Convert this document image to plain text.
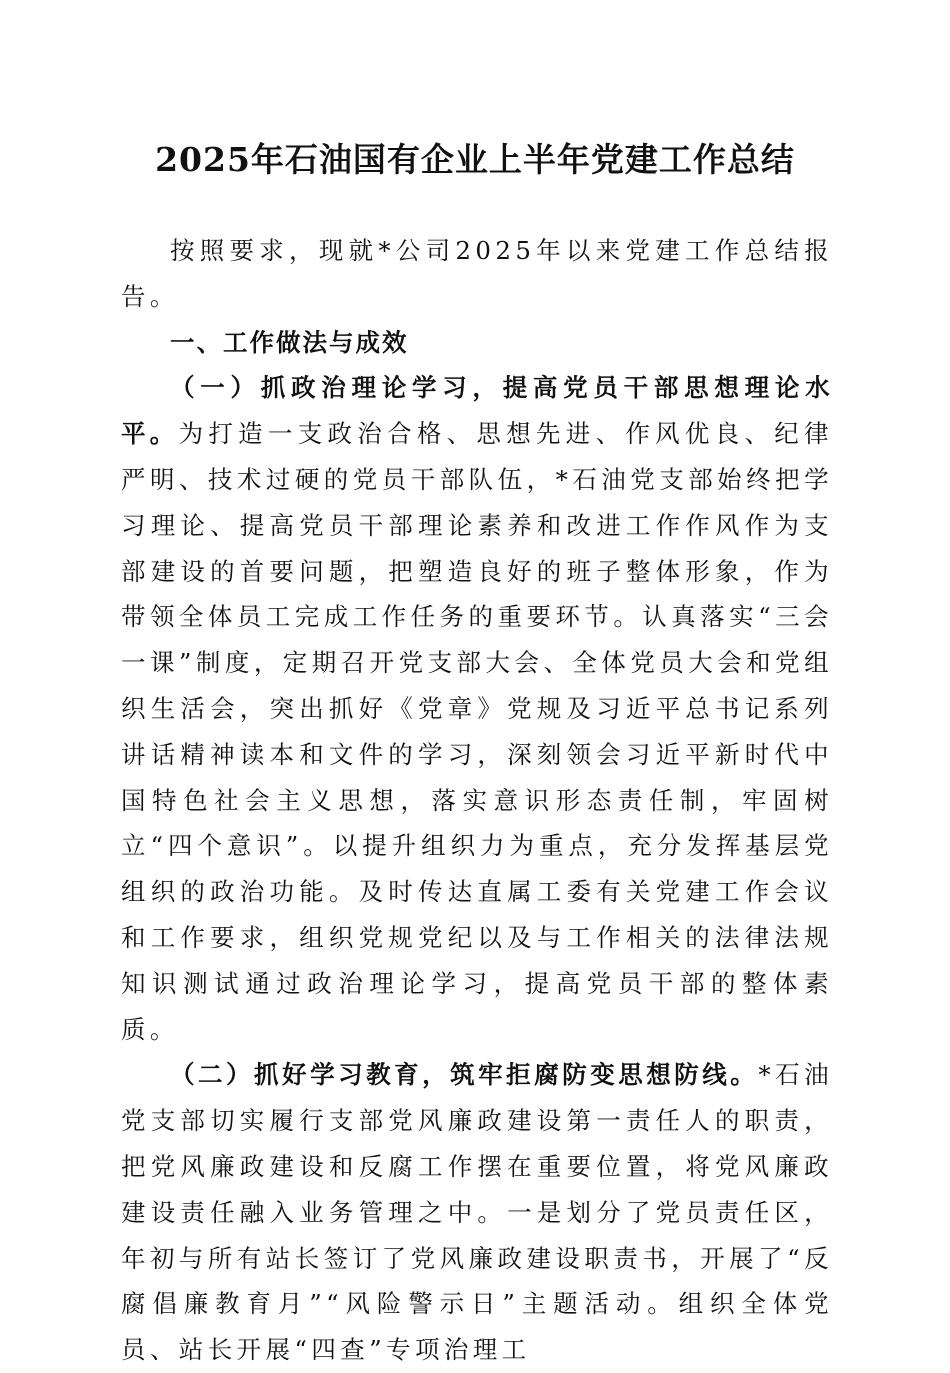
2025年石油国有企业上半年党建工作总结

按照要求，现就*公司2025年以来党建工作总结报告。

一、工作做法与成效

（一）抓政治理论学习，提高党员干部思想理论水平。为打造一支政治合格、思想先进、作风优良、纪律严明、技术过硬的党员干部队伍，*石油党支部始终把学习理论、提高党员干部理论素养和改进工作作风作为支部建设的首要问题，把塑造良好的班子整体形象，作为带领全体员工完成工作任务的重要环节。认真落实“三会一课”制度，定期召开党支部大会、全体党员大会和党组织生活会，突出抓好《党章》党规及习近平总书记系列讲话精神读本和文件的学习，深刻领会习近平新时代中国特色社会主义思想，落实意识形态责任制，牢固树立“四个意识”。以提升组织力为重点，充分发挥基层党组织的政治功能。及时传达直属工委有关党建工作会议和工作要求，组织党规党纪以及与工作相关的法律法规知识测试通过政治理论学习，提高党员干部的整体素质。

（二）抓好学习教育，筑牢拒腐防变思想防线。*石油党支部切实履行支部党风廉政建设第一责任人的职责，把党风廉政建设和反腐工作摆在重要位置，将党风廉政建设责任融入业务管理之中。一是划分了党员责任区，年初与所有站长签订了党风廉政建设职责书，开展了“反腐倡廉教育月”“风险警示日”主题活动。组织全体党员、站长开展“四查”专项治理工
